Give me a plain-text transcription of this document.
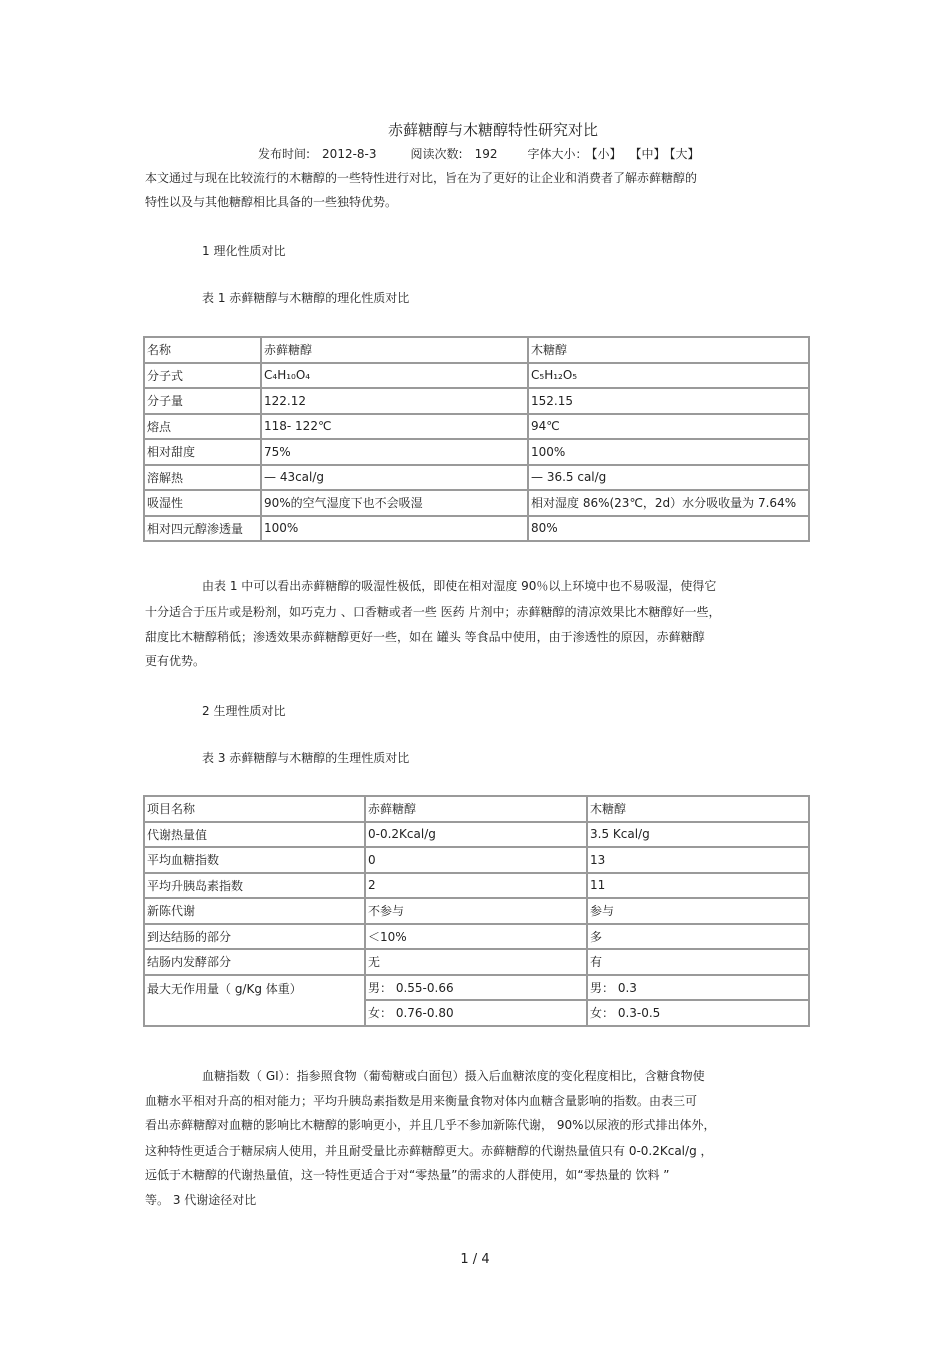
赤藓糖醇与木糖醇特性研究对比
发布时间: 2012-8-3	阅读次数: 192	字体大小： 【小】 【中】 【大】
本文通过与现在比较流行的木糖醇的一些特性进行对比，旨在为了更好的让企业和消费者了解赤藓糖醇的
特性以及与其他糖醇相比具备的一些独特优势。
1 理化性质对比
表 1 赤藓糖醇与木糖醇的理化性质对比
名称	赤藓糖醇	木糖醇
分子式	C₄H₁₀O₄	C₅H₁₂O₅
分子量	122.12	152.15
熔点	118- 122℃	94℃
相对甜度	75%	100%
溶解热	— 43cal/g	— 36.5 cal/g
吸湿性	90%的空气湿度下也不会吸湿	相对湿度 86%(23℃，2d）水分吸收量为 7.64%
相对四元醇渗透量	100%	80%
由表 1 中可以看出赤藓糖醇的吸湿性极低，即使在相对湿度 90％以上环境中也不易吸湿，使得它
十分适合于压片或是粉剂，如巧克力 、口香糖或者一些 医药 片剂中；赤藓糖醇的清凉效果比木糖醇好一些，
甜度比木糖醇稍低；渗透效果赤藓糖醇更好一些，如在 罐头 等食品中使用，由于渗透性的原因，赤藓糖醇
更有优势。
2 生理性质对比
表 3 赤藓糖醇与木糖醇的生理性质对比
项目名称	赤藓糖醇	木糖醇
代谢热量值	0-0.2Kcal/g	3.5 Kcal/g
平均血糖指数	0	13
平均升胰岛素指数	2	11
新陈代谢	不参与	参与
到达结肠的部分	＜10%	多
结肠内发酵部分	无	有
最大无作用量（ g/Kg 体重）	男： 0.55-0.66	男： 0.3
	女： 0.76-0.80	女： 0.3-0.5
血糖指数（ GI）：指参照食物（葡萄糖或白面包）摄入后血糖浓度的变化程度相比，含糖食物使
血糖水平相对升高的相对能力；平均升胰岛素指数是用来衡量食物对体内血糖含量影响的指数。由表三可
看出赤藓糖醇对血糖的影响比木糖醇的影响更小，并且几乎不参加新陈代谢， 90%以尿液的形式排出体外，
这种特性更适合于糖尿病人使用，并且耐受量比赤藓糖醇更大。赤藓糖醇的代谢热量值只有 0-0.2Kcal/g ，
远低于木糖醇的代谢热量值，这一特性更适合于对“零热量”的需求的人群使用，如“零热量的 饮料 ”
等。 3 代谢途径对比
1 / 4
